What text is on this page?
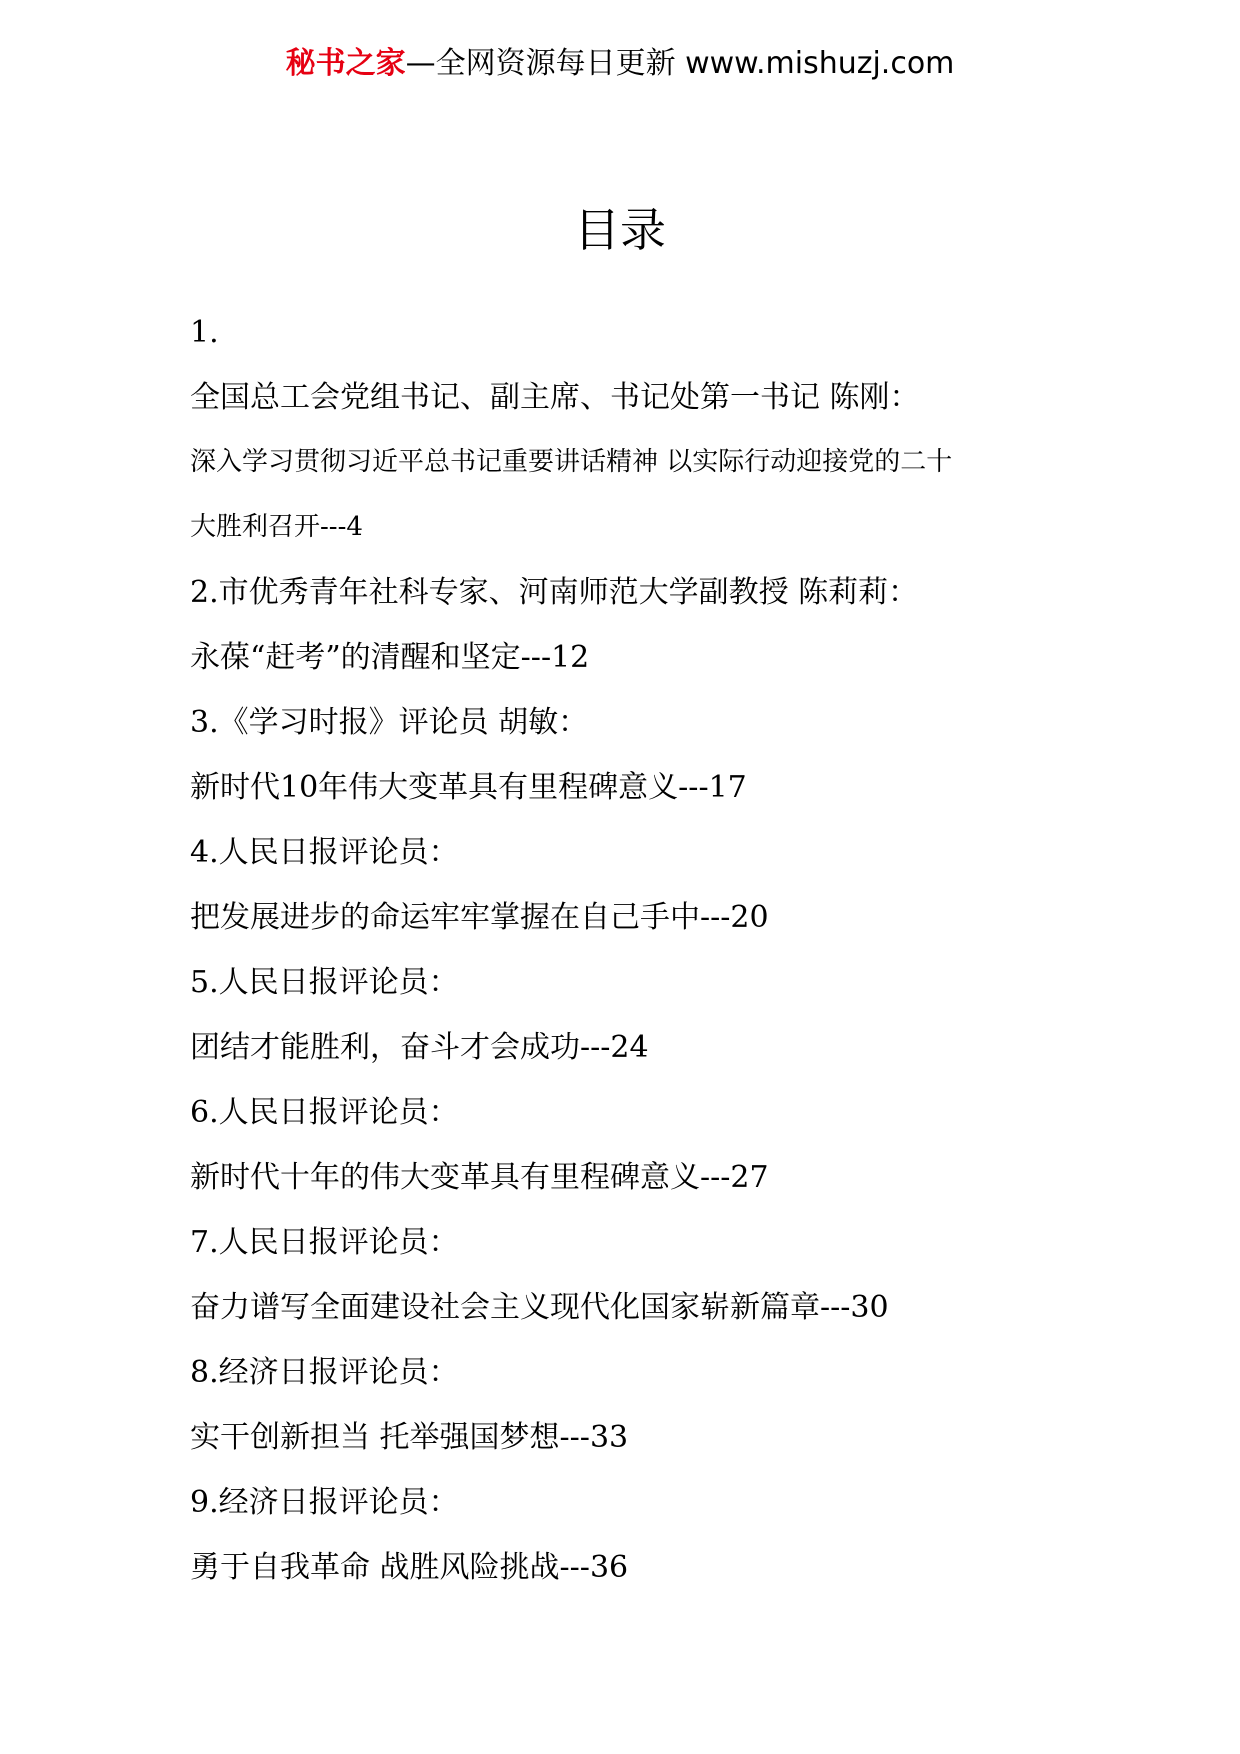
秘书之家—全网资源每日更新 www.mishuzj.com
目录
1.
全国总工会党组书记、副主席、书记处第一书记 陈刚：
深入学习贯彻习近平总书记重要讲话精神 以实际行动迎接党的二十
大胜利召开---4
2.市优秀青年社科专家、河南师范大学副教授 陈莉莉：
永葆“赶考”的清醒和坚定---12
3.《学习时报》评论员 胡敏：
新时代10年伟大变革具有里程碑意义---17
4.人民日报评论员：
把发展进步的命运牢牢掌握在自己手中---20
5.人民日报评论员：
团结才能胜利，奋斗才会成功---24
6.人民日报评论员：
新时代十年的伟大变革具有里程碑意义---27
7.人民日报评论员：
奋力谱写全面建设社会主义现代化国家崭新篇章---30
8.经济日报评论员：
实干创新担当 托举强国梦想---33
9.经济日报评论员：
勇于自我革命 战胜风险挑战---36
